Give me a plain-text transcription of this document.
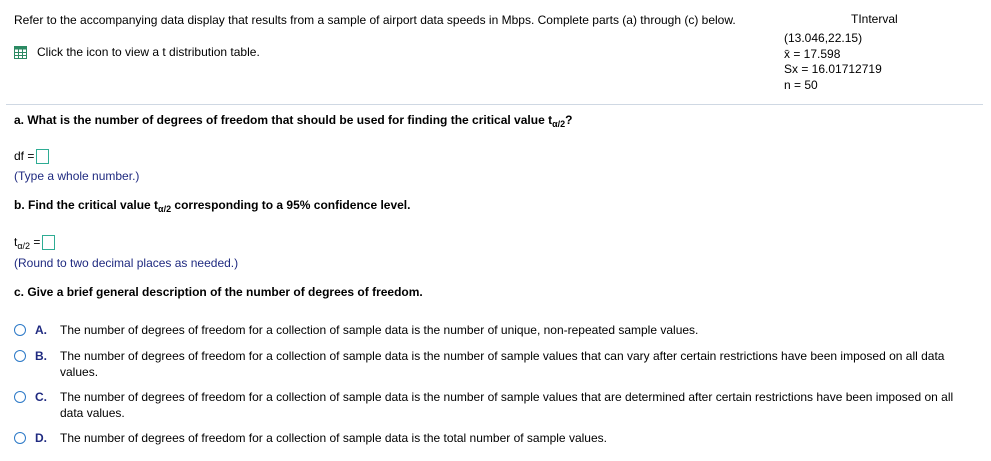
Refer to the accompanying data display that results from a sample of airport data speeds in Mbps. Complete parts (a) through (c) below.
Click the icon to view a t distribution table.
TInterval
(13.046,22.15)
x̄ = 17.598
Sx = 16.01712719
n = 50
a. What is the number of degrees of freedom that should be used for finding the critical value $t_{\alpha/2}$?
df =
(Type a whole number.)
b. Find the critical value $t_{\alpha/2}$ corresponding to a 95% confidence level.
$t_{\alpha/2}$ =
(Round to two decimal places as needed.)
c. Give a brief general description of the number of degrees of freedom.
A.	The number of degrees of freedom for a collection of sample data is the number of unique, non-repeated sample values.
B.	The number of degrees of freedom for a collection of sample data is the number of sample values that can vary after certain restrictions have been imposed on all data values.
C.	The number of degrees of freedom for a collection of sample data is the number of sample values that are determined after certain restrictions have been imposed on all data values.
D.	The number of degrees of freedom for a collection of sample data is the total number of sample values.
